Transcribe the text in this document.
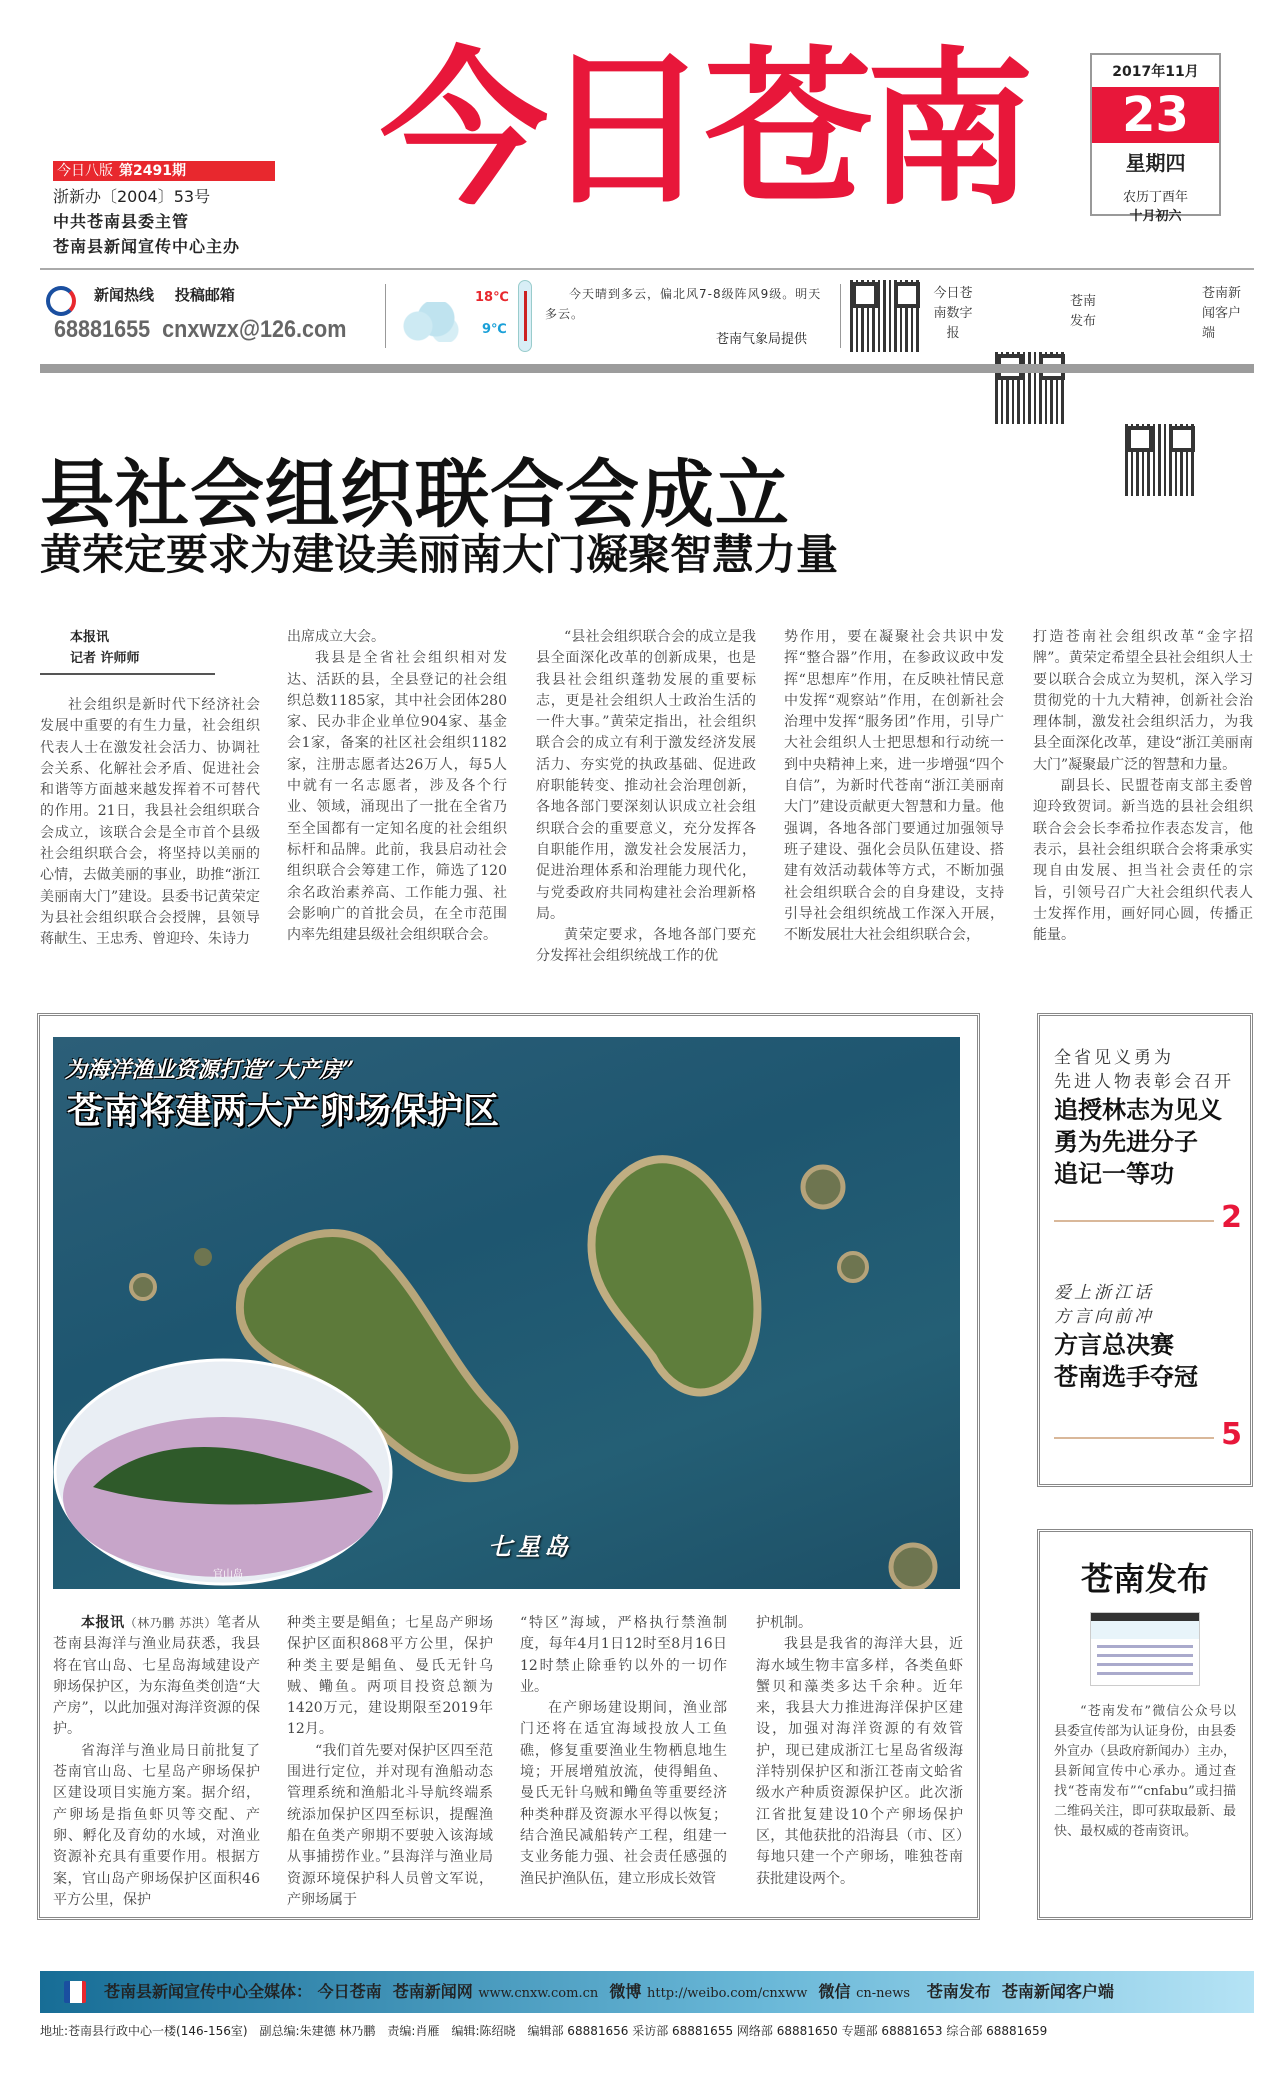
今日苍南	2017年11月
23
星期四
农历丁酉年
十月初六
今日八版 第2491期
浙新办〔2004〕53号
中共苍南县委主管
苍南县新闻宣传中心主办
新闻热线 投稿邮箱
68881655 cnxwzx@126.com
18℃
9℃
今天晴到多云，偏北风7-8级阵风9级。明天多云。
苍南气象局提供
今日苍南数字报
苍南发布
苍南新闻客户端
县社会组织联合会成立
黄荣定要求为建设美丽南大门凝聚智慧力量
本报讯
记者 许师师

社会组织是新时代下经济社会发展中重要的有生力量，社会组织代表人士在激发社会活力、协调社会关系、化解社会矛盾、促进社会和谐等方面越来越发挥着不可替代的作用。21日，我县社会组织联合会成立，该联合会是全市首个县级社会组织联合会，将坚持以美丽的心情，去做美丽的事业，助推“浙江美丽南大门”建设。县委书记黄荣定为县社会组织联合会授牌，县领导蒋献生、王忠秀、曾迎玲、朱诗力

出席成立大会。

我县是全省社会组织相对发达、活跃的县，全县登记的社会组织总数1185家，其中社会团体280家、民办非企业单位904家、基金会1家，备案的社区社会组织1182家，注册志愿者达26万人，每5人中就有一名志愿者，涉及各个行业、领域，涌现出了一批在全省乃至全国都有一定知名度的社会组织标杆和品牌。此前，我县启动社会组织联合会筹建工作，筛选了120余名政治素养高、工作能力强、社会影响广的首批会员，在全市范围内率先组建县级社会组织联合会。

“县社会组织联合会的成立是我县全面深化改革的创新成果，也是我县社会组织蓬勃发展的重要标志，更是社会组织人士政治生活的一件大事。”黄荣定指出，社会组织联合会的成立有利于激发经济发展活力、夯实党的执政基础、促进政府职能转变、推动社会治理创新，各地各部门要深刻认识成立社会组织联合会的重要意义，充分发挥各自职能作用，激发社会发展活力，促进治理体系和治理能力现代化，与党委政府共同构建社会治理新格局。

黄荣定要求，各地各部门要充分发挥社会组织统战工作的优

势作用，要在凝聚社会共识中发挥“整合器”作用，在参政议政中发挥“思想库”作用，在反映社情民意中发挥“观察站”作用，在创新社会治理中发挥“服务团”作用，引导广大社会组织人士把思想和行动统一到中央精神上来，进一步增强“四个自信”，为新时代苍南“浙江美丽南大门”建设贡献更大智慧和力量。他强调，各地各部门要通过加强领导班子建设、强化会员队伍建设、搭建有效活动载体等方式，不断加强社会组织联合会的自身建设，支持引导社会组织统战工作深入开展，不断发展壮大社会组织联合会，

打造苍南社会组织改革“金字招牌”。黄荣定希望全县社会组织人士要以联合会成立为契机，深入学习贯彻党的十九大精神，创新社会治理体制，激发社会组织活力，为我县全面深化改革，建设“浙江美丽南大门”凝聚最广泛的智慧和力量。

副县长、民盟苍南支部主委曾迎玲致贺词。新当选的县社会组织联合会会长李希拉作表态发言，他表示，县社会组织联合会将秉承实现自由发展、担当社会责任的宗旨，引领号召广大社会组织代表人士发挥作用，画好同心圆，传播正能量。

为海洋渔业资源打造“大产房”
苍南将建两大产卵场保护区
七星岛
官山岛

本报讯（林乃鹏 苏洪）笔者从苍南县海洋与渔业局获悉，我县将在官山岛、七星岛海域建设产卵场保护区，为东海鱼类创造“大产房”，以此加强对海洋资源的保护。

省海洋与渔业局日前批复了苍南官山岛、七星岛产卵场保护区建设项目实施方案。据介绍，产卵场是指鱼虾贝等交配、产卵、孵化及育幼的水域，对渔业资源补充具有重要作用。根据方案，官山岛产卵场保护区面积46平方公里，保护

种类主要是鲳鱼；七星岛产卵场保护区面积868平方公里，保护种类主要是鲳鱼、曼氏无针乌贼、鳓鱼。两项目投资总额为1420万元，建设期限至2019年12月。

“我们首先要对保护区四至范围进行定位，并对现有渔船动态管理系统和渔船北斗导航终端系统添加保护区四至标识，提醒渔船在鱼类产卵期不要驶入该海域从事捕捞作业。”县海洋与渔业局资源环境保护科人员曾文军说，产卵场属于

“特区”海域，严格执行禁渔制度，每年4月1日12时至8月16日12时禁止除垂钓以外的一切作业。

在产卵场建设期间，渔业部门还将在适宜海域投放人工鱼礁，修复重要渔业生物栖息地生境；开展增殖放流，使得鲳鱼、曼氏无针乌贼和鳓鱼等重要经济种类种群及资源水平得以恢复；结合渔民减船转产工程，组建一支业务能力强、社会责任感强的渔民护渔队伍，建立形成长效管

护机制。

我县是我省的海洋大县，近海水域生物丰富多样，各类鱼虾蟹贝和藻类多达千余种。近年来，我县大力推进海洋保护区建设，加强对海洋资源的有效管护，现已建成浙江七星岛省级海洋特别保护区和浙江苍南文蛤省级水产种质资源保护区。此次浙江省批复建设10个产卵场保护区，其他获批的沿海县（市、区）每地只建一个产卵场，唯独苍南获批建设两个。

全省见义勇为
先进人物表彰会召开
追授林志为见义
勇为先进分子
追记一等功
2
爱上浙江话
方言向前冲
方言总决赛
苍南选手夺冠
5
苍南发布
“苍南发布”微信公众号以县委宣传部为认证身份，由县委外宣办（县政府新闻办）主办，县新闻宣传中心承办。通过查找“苍南发布”“cnfabu”或扫描二维码关注，即可获取最新、最快、最权威的苍南资讯。
苍南县新闻宣传中心全媒体： 今日苍南 苍南新闻网 www.cnxw.com.cn 微博 http://weibo.com/cnxww 微信 cn-news 苍南发布 苍南新闻客户端
地址:苍南县行政中心一楼(146-156室)　副总编:朱建德 林乃鹏　责编:肖雁　编辑:陈绍晓　编辑部 68881656 采访部 68881655 网络部 68881650 专题部 68881653 综合部 68881659
